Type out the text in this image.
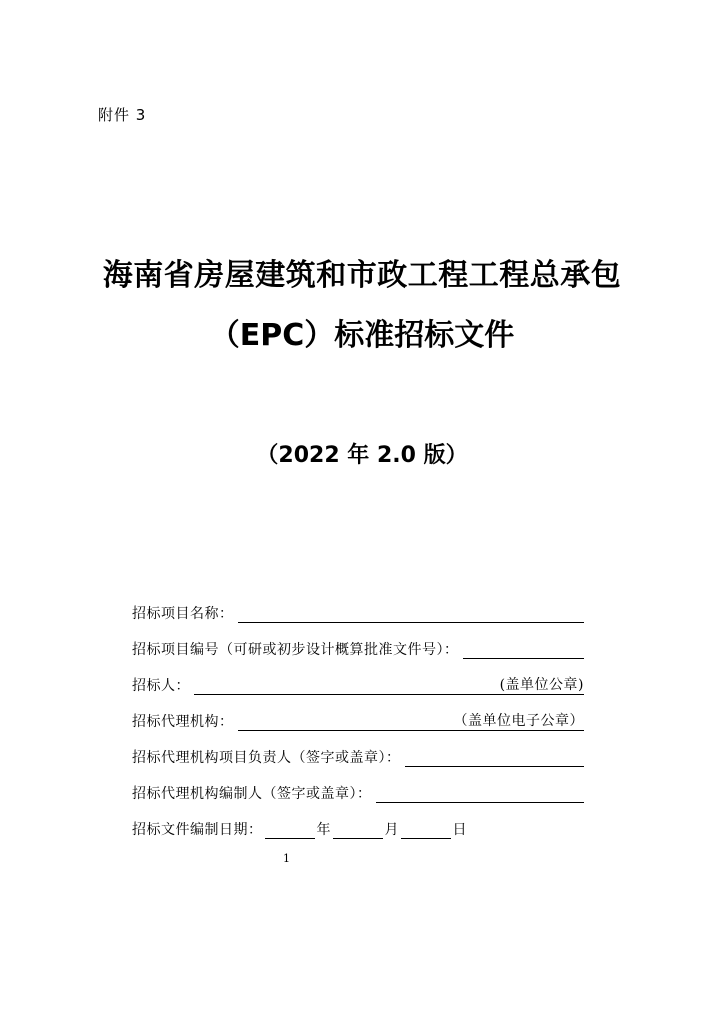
附件 3
海南省房屋建筑和市政工程工程总承包
（EPC）标准招标文件
（2022 年 2.0 版）
招标项目名称：
招标项目编号（可研或初步设计概算批准文件号）：
招标人：	(盖单位公章)
招标代理机构：	（盖单位电子公章）
招标代理机构项目负责人（签字或盖章）：
招标代理机构编制人（签字或盖章）：
招标文件编制日期：	年	月	日
1
